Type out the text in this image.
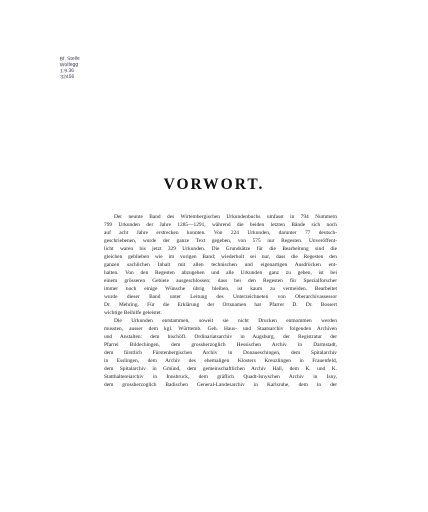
Bf. Stelle
Wolfegg
1.9.36
32456
VORWORT.
Der neunte Band des Wirtembergischen Urkundenbuchs umfasst in 794 Nummern
799 Urkunden der Jahre 1285—1291, während die beiden letzten Bände sich noch
auf acht Jahre erstrecken konnten. Von 224 Urkunden, darunter 77 deutsch-
geschriebenen, wurde der ganze Text gegeben, von 575 nur Regesten. Unveröffent-
licht waren bis jetzt 329 Urkunden. Die Grundsätze für die Bearbeitung sind die
gleichen geblieben wie im vorigen Band; wiederholt sei nur, dass die Regesten den
ganzen sachlichen Inhalt mit allen technischen und eigenartigen Ausdrücken ent-
halten. Von den Regesten abzugehen und alle Urkunden ganz zu geben, ist bei
einem grösseren Gebiete ausgeschlossen; dass bei den Regesten für Spezialforscher
immer noch einige Wünsche übrig bleiben, ist kaum zu vermeiden. Bearbeitet
wurde dieser Band unter Leitung des Unterzeichneten von Oberarchivassessor
Dr. Mehring. Für die Erklärung der Ortsnamen hat Pfarrer D. Dr. Bossert
wichtige Beihilfe geleistet.
Die Urkunden entstammen, soweit sie nicht Drucken entnommen werden
mussten, ausser dem kgl. Württemb. Geh. Haus- und Staatsarchiv folgenden Archiven
und Anstalten: dem bischöfl. Ordinariatsarchiv in Augsburg, der Registratur der
Pfarrei Bildechingen, dem grossherzoglich Hessischen Archiv in Darmstadt,
dem fürstlich Fürstenbergischen Archiv in Donaueschingen, dem Spitalarchiv
in Esslingen, dem Archiv des ehemaligen Klosters Kreuzlingen in Frauenfeld,
dem Spitalarchiv in Gmünd, dem gemeinschaftlichen Archiv Hall, dem K. und K.
Statthaltereiarchiv in Innsbruck, dem gräflich Quadt-Isnyschen Archiv in Isny,
dem grossherzoglich Badischen General-Landesarchiv in Karlsruhe, dem in der
